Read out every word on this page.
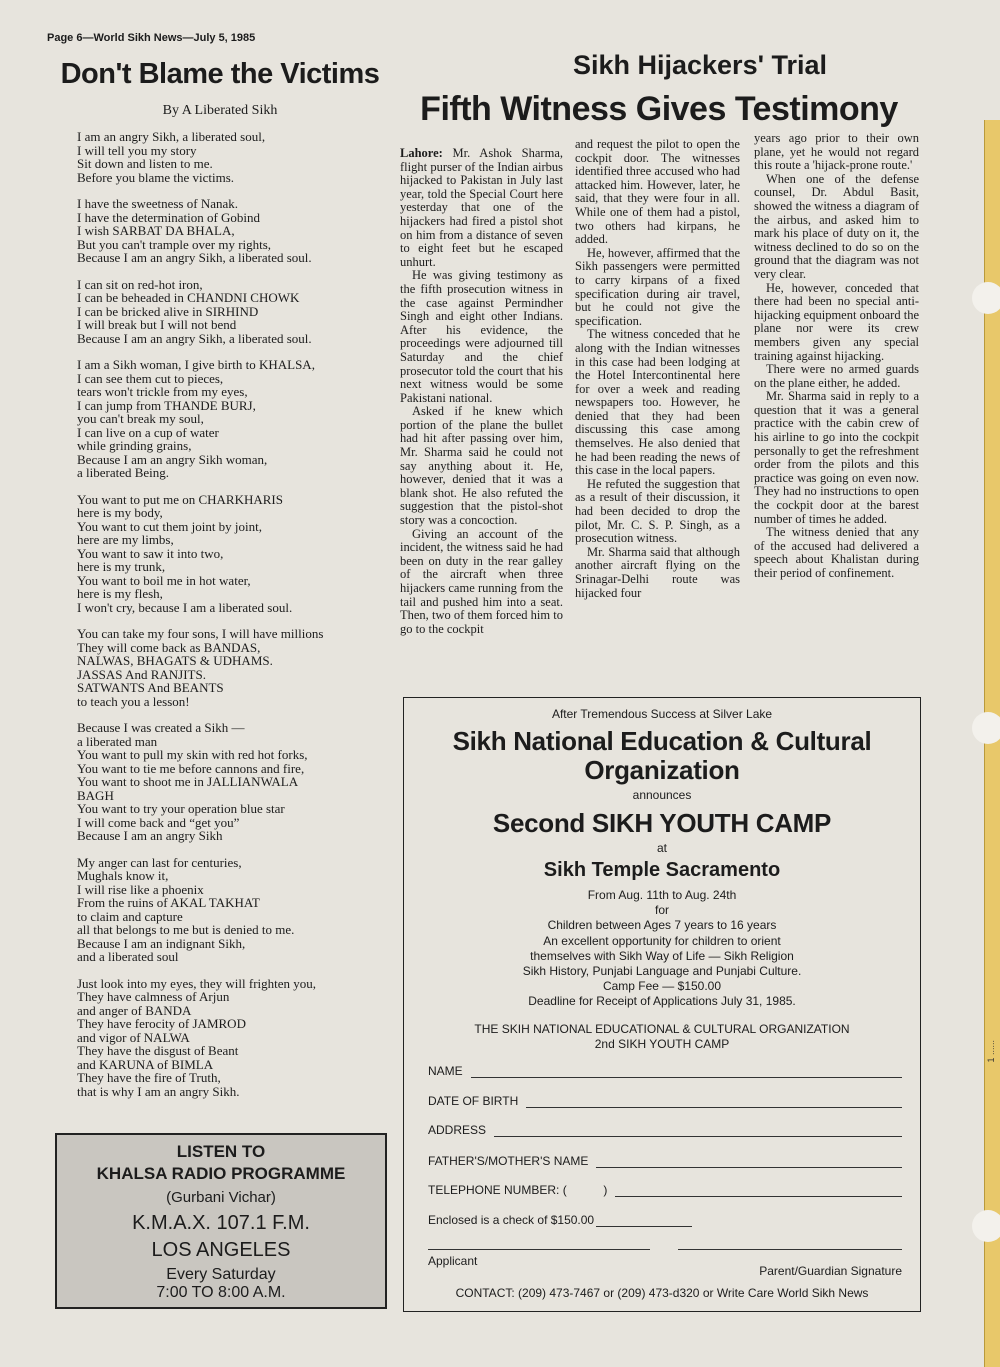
Page 6—World Sikh News—July 5, 1985
Don't Blame the Victims
By A Liberated Sikh
I am an angry Sikh, a liberated soul,
I will tell you my story
Sit down and listen to me.
Before you blame the victims.
I have the sweetness of Nanak.
I have the determination of Gobind
I wish SARBAT DA BHALA,
But you can't trample over my rights,
Because I am an angry Sikh, a liberated soul.
I can sit on red-hot iron,
I can be beheaded in CHANDNI CHOWK
I can be bricked alive in SIRHIND
I will break but I will not bend
Because I am an angry Sikh, a liberated soul.
I am a Sikh woman, I give birth to KHALSA,
I can see them cut to pieces,
tears won't trickle from my eyes,
I can jump from THANDE BURJ,
you can't break my soul,
I can live on a cup of water
while grinding grains,
Because I am an angry Sikh woman,
a liberated Being.
You want to put me on CHARKHARIS
here is my body,
You want to cut them joint by joint,
here are my limbs,
You want to saw it into two,
here is my trunk,
You want to boil me in hot water,
here is my flesh,
I won't cry, because I am a liberated soul.
You can take my four sons, I will have millions
They will come back as BANDAS,
NALWAS, BHAGATS & UDHAMS.
JASSAS And RANJITS.
SATWANTS And BEANTS
to teach you a lesson!
Because I was created a Sikh —
a liberated man
You want to pull my skin with red hot forks,
You want to tie me before cannons and fire,
You want to shoot me in JALLIANWALA
BAGH
You want to try your operation blue star
I will come back and “get you”
Because I am an angry Sikh
My anger can last for centuries,
Mughals know it,
I will rise like a phoenix
From the ruins of AKAL TAKHAT
to claim and capture
all that belongs to me but is denied to me.
Because I am an indignant Sikh,
and a liberated soul
Just look into my eyes, they will frighten you,
They have calmness of Arjun
and anger of BANDA
They have ferocity of JAMROD
and vigor of NALWA
They have the disgust of Beant
and KARUNA of BIMLA
They have the fire of Truth,
that is why I am an angry Sikh.
LISTEN TO
KHALSA RADIO PROGRAMME
(Gurbani Vichar)
K.M.A.X. 107.1 F.M.
LOS ANGELES
Every Saturday
7:00 TO 8:00 A.M.
Sikh Hijackers' Trial
Fifth Witness Gives Testimony

Lahore: Mr. Ashok Sharma, flight purser of the Indian airbus hijacked to Pakistan in July last year, told the Special Court here yesterday that one of the hijackers had fired a pistol shot on him from a distance of seven to eight feet but he escaped unhurt.

He was giving testimony as the fifth prosecution witness in the case against Permindher Singh and eight other Indians. After his evidence, the proceedings were adjourned till Saturday and the chief prosecutor told the court that his next witness would be some Pakistani national.

Asked if he knew which portion of the plane the bullet had hit after passing over him, Mr. Sharma said he could not say anything about it. He, however, denied that it was a blank shot. He also refuted the suggestion that the pistol-shot story was a concoction.

Giving an account of the incident, the witness said he had been on duty in the rear galley of the aircraft when three hijackers came running from the tail and pushed him into a seat. Then, two of them forced him to go to the cockpit

and request the pilot to open the cockpit door. The witnesses identified three accused who had attacked him. However, later, he said, that they were four in all. While one of them had a pistol, two others had kirpans, he added.

He, however, affirmed that the Sikh passengers were permitted to carry kirpans of a fixed specification during air travel, but he could not give the specification.

The witness conceded that he along with the Indian witnesses in this case had been lodging at the Hotel Intercontinental here for over a week and reading newspapers too. However, he denied that they had been discussing this case among themselves. He also denied that he had been reading the news of this case in the local papers.

He refuted the suggestion that as a result of their discussion, it had been decided to drop the pilot, Mr. C. S. P. Singh, as a prosecution witness.

Mr. Sharma said that although another aircraft flying on the Srinagar-Delhi route was hijacked four

years ago prior to their own plane, yet he would not regard this route a 'hijack-prone route.'

When one of the defense counsel, Dr. Abdul Basit, showed the witness a diagram of the airbus, and asked him to mark his place of duty on it, the witness declined to do so on the ground that the diagram was not very clear.

He, however, conceded that there had been no special anti-hijacking equipment onboard the plane nor were its crew members given any special training against hijacking.

There were no armed guards on the plane either, he added.

Mr. Sharma said in reply to a question that it was a general practice with the cabin crew of his airline to go into the cockpit personally to get the refreshment order from the pilots and this practice was going on even now. They had no instructions to open the cockpit door at the barest number of times he added.

The witness denied that any of the accused had delivered a speech about Khalistan during their period of confinement.

After Tremendous Success at Silver Lake
Sikh National Education & Cultural
Organization
announces
Second SIKH YOUTH CAMP
at
Sikh Temple Sacramento
From Aug. 11th to Aug. 24th
for
Children between Ages 7 years to 16 years
An excellent opportunity for children to orient
themselves with Sikh Way of Life — Sikh Religion
Sikh History, Punjabi Language and Punjabi Culture.
Camp Fee — $150.00
Deadline for Receipt of Applications July 31, 1985.
THE SKIH NATIONAL EDUCATIONAL & CULTURAL ORGANIZATION
2nd SIKH YOUTH CAMP
NAME
DATE OF BIRTH
ADDRESS
FATHER'S/MOTHER'S NAME
TELEPHONE NUMBER: (           )
Enclosed is a check of $150.00
Applicant
Parent/Guardian Signature
CONTACT: (209) 473-7467 or (209) 473-d320 or Write Care World Sikh News
1 ......
